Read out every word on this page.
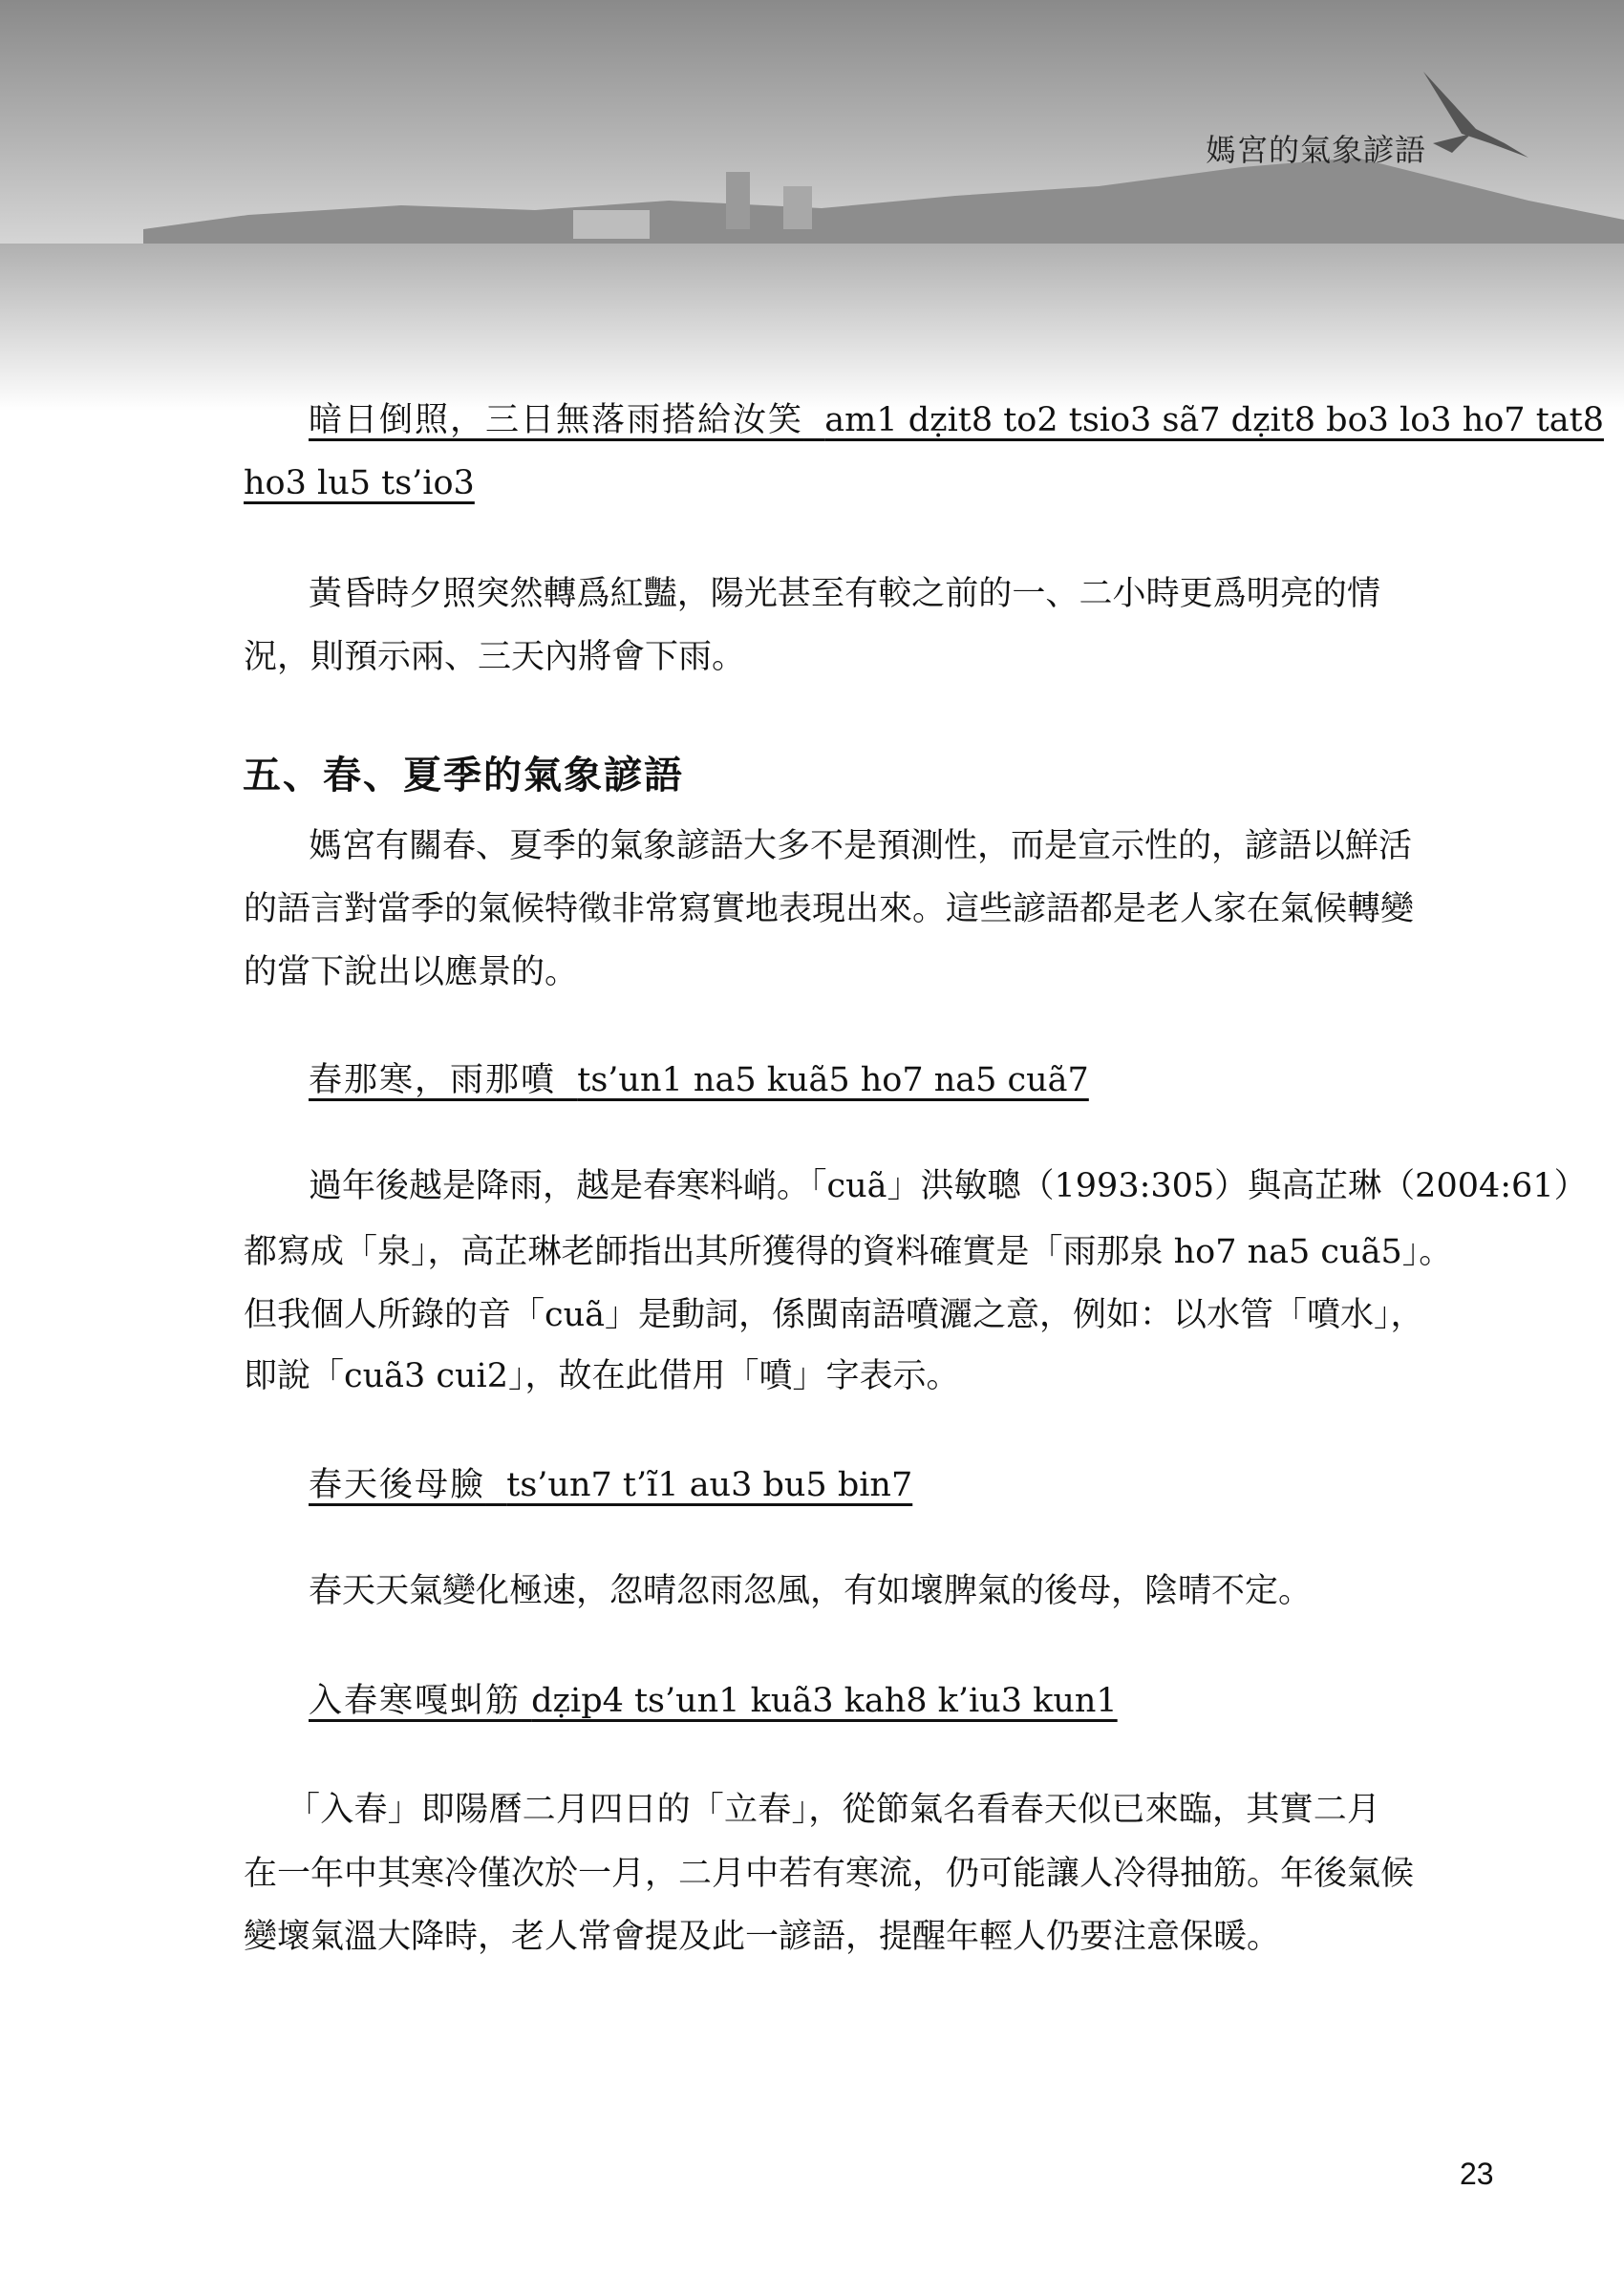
媽宮的氣象諺語
暗日倒照，三日無落雨搭給汝笑 am1 dẓit8 to2 tsio3 sã7 dẓit8 bo3 lo3 ho7 tat8
ho3 lu5 ts’io3
黃昏時夕照突然轉爲紅豔，陽光甚至有較之前的一、二小時更爲明亮的情
況，則預示兩、三天內將會下雨。
五、春、夏季的氣象諺語
媽宮有關春、夏季的氣象諺語大多不是預測性，而是宣示性的，諺語以鮮活
的語言對當季的氣候特徵非常寫實地表現出來。這些諺語都是老人家在氣候轉變
的當下說出以應景的。
春那寒，雨那噴 ts’un1 na5 kuã5 ho7 na5 cuã7
過年後越是降雨，越是春寒料峭。「cuã」洪敏聰（1993:305）與高芷琳（2004:61）
都寫成「泉」，高芷琳老師指出其所獲得的資料確實是「雨那泉 ho7 na5 cuã5」。
但我個人所錄的音「cuã」是動詞，係閩南語噴灑之意，例如：以水管「噴水」，
即說「cuã3 cui2」，故在此借用「噴」字表示。
春天後母臉 ts’un7 t’ĩ1 au3 bu5 bin7
春天天氣變化極速，忽晴忽雨忽風，有如壞脾氣的後母，陰晴不定。
入春寒嘎虯筋 dẓip4 ts’un1 kuã3 kah8 k’iu3 kun1
「入春」即陽曆二月四日的「立春」，從節氣名看春天似已來臨，其實二月
在一年中其寒冷僅次於一月，二月中若有寒流，仍可能讓人冷得抽筋。年後氣候
變壞氣溫大降時，老人常會提及此一諺語，提醒年輕人仍要注意保暖。
23
